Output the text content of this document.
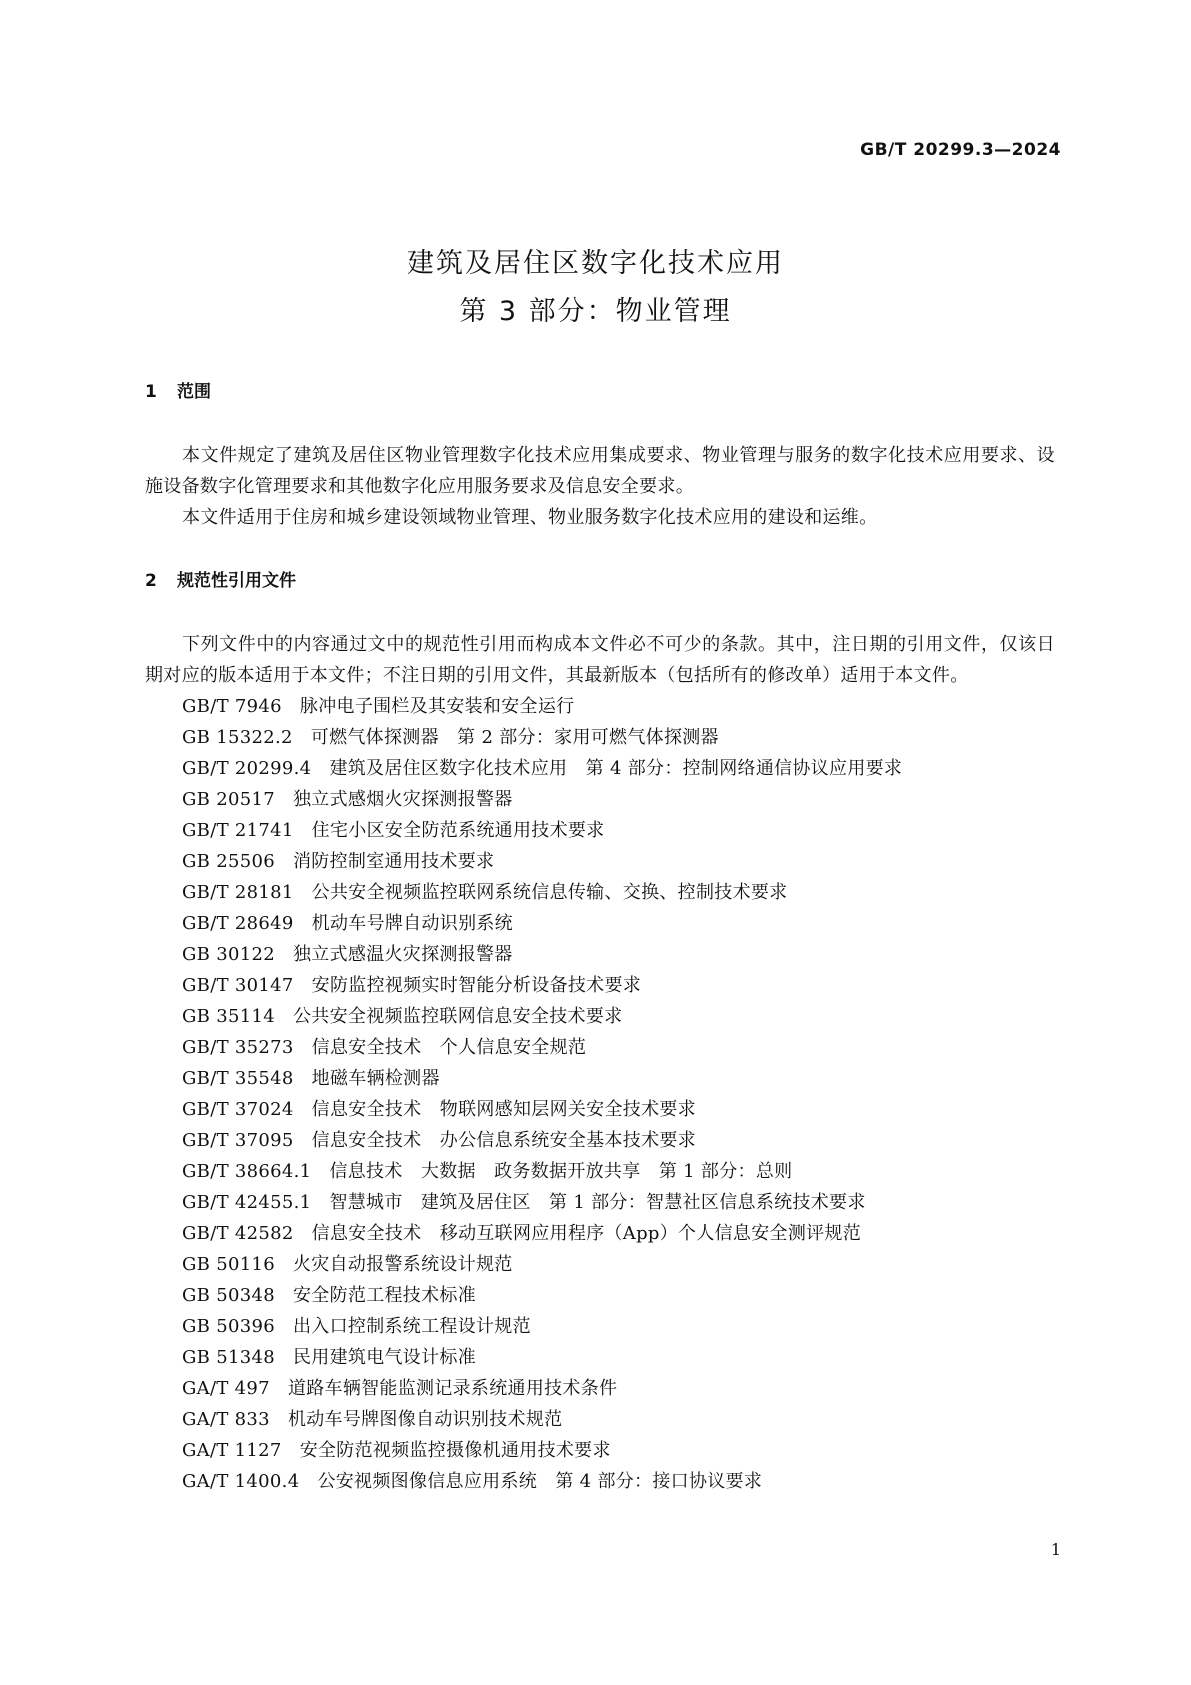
GB/T 20299.3—2024
建筑及居住区数字化技术应用
第 3 部分：物业管理
1 范围

本文件规定了建筑及居住区物业管理数字化技术应用集成要求、物业管理与服务的数字化技术应用要求、设施设备数字化管理要求和其他数字化应用服务要求及信息安全要求。

本文件适用于住房和城乡建设领域物业管理、物业服务数字化技术应用的建设和运维。

2 规范性引用文件

下列文件中的内容通过文中的规范性引用而构成本文件必不可少的条款。其中，注日期的引用文件，仅该日期对应的版本适用于本文件；不注日期的引用文件，其最新版本（包括所有的修改单）适用于本文件。

GB/T 7946 脉冲电子围栏及其安装和安全运行
GB 15322.2 可燃气体探测器　第 2 部分：家用可燃气体探测器
GB/T 20299.4 建筑及居住区数字化技术应用　第 4 部分：控制网络通信协议应用要求
GB 20517 独立式感烟火灾探测报警器
GB/T 21741 住宅小区安全防范系统通用技术要求
GB 25506 消防控制室通用技术要求
GB/T 28181 公共安全视频监控联网系统信息传输、交换、控制技术要求
GB/T 28649 机动车号牌自动识别系统
GB 30122 独立式感温火灾探测报警器
GB/T 30147 安防监控视频实时智能分析设备技术要求
GB 35114 公共安全视频监控联网信息安全技术要求
GB/T 35273 信息安全技术　个人信息安全规范
GB/T 35548 地磁车辆检测器
GB/T 37024 信息安全技术　物联网感知层网关安全技术要求
GB/T 37095 信息安全技术　办公信息系统安全基本技术要求
GB/T 38664.1 信息技术　大数据　政务数据开放共享　第 1 部分：总则
GB/T 42455.1 智慧城市　建筑及居住区　第 1 部分：智慧社区信息系统技术要求
GB/T 42582 信息安全技术　移动互联网应用程序（App）个人信息安全测评规范
GB 50116 火灾自动报警系统设计规范
GB 50348 安全防范工程技术标准
GB 50396 出入口控制系统工程设计规范
GB 51348 民用建筑电气设计标准
GA/T 497 道路车辆智能监测记录系统通用技术条件
GA/T 833 机动车号牌图像自动识别技术规范
GA/T 1127 安全防范视频监控摄像机通用技术要求
GA/T 1400.4 公安视频图像信息应用系统　第 4 部分：接口协议要求
1
